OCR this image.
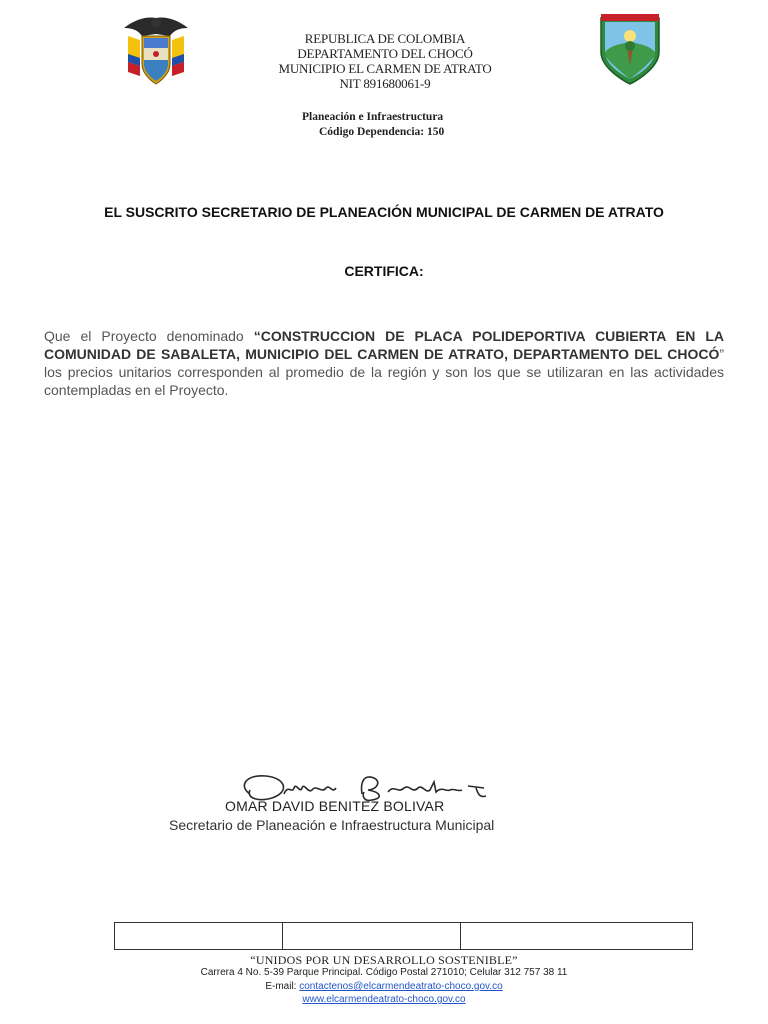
REPUBLICA DE COLOMBIA
DEPARTAMENTO DEL CHOCÓ
MUNICIPIO EL CARMEN DE ATRATO
NIT 891680061-9
Planeación e Infraestructura
Código Dependencia: 150
EL SUSCRITO SECRETARIO DE PLANEACIÓN MUNICIPAL DE CARMEN DE ATRATO
CERTIFICA:
Que el Proyecto denominado “CONSTRUCCION DE PLACA POLIDEPORTIVA CUBIERTA EN LA COMUNIDAD DE SABALETA, MUNICIPIO DEL CARMEN DE ATRATO, DEPARTAMENTO DEL CHOCÓ” los precios unitarios corresponden al promedio de la región y son los que se utilizaran en las actividades contempladas en el Proyecto.
OMAR DAVID BENITEZ BOLIVAR
Secretario de Planeación e Infraestructura Municipal

“UNIDOS POR UN DESARROLLO SOSTENIBLE”
Carrera 4 No. 5-39 Parque Principal. Código Postal 271010; Celular 312 757 38 11
E-mail: contactenos@elcarmendeatrato-choco.gov.co
www.elcarmendeatrato-choco.gov.co
